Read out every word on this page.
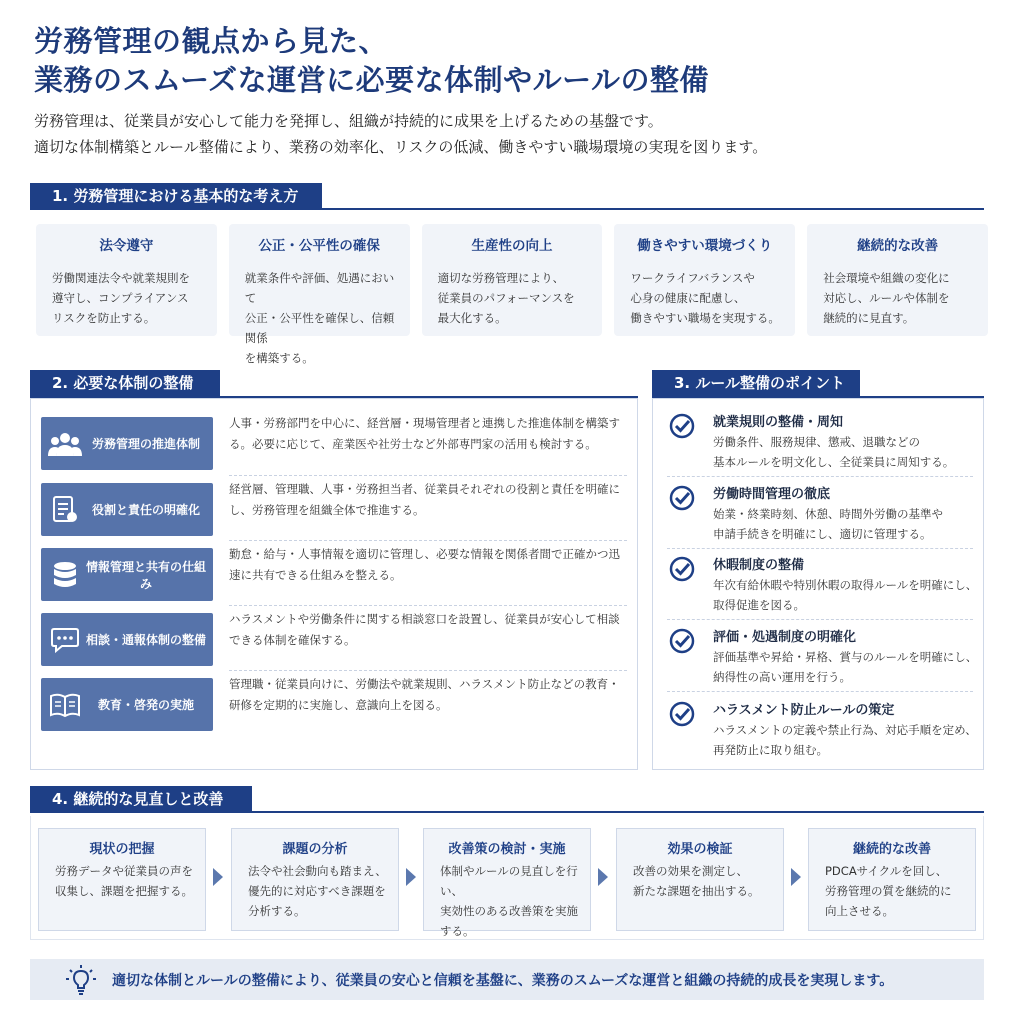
労務管理の観点から見た、
業務のスムーズな運営に必要な体制やルールの整備
労務管理は、従業員が安心して能力を発揮し、組織が持続的に成果を上げるための基盤です。
適切な体制構築とルール整備により、業務の効率化、リスクの低減、働きやすい職場環境の実現を図ります。
1. 労務管理における基本的な考え方
法令遵守
労働関連法令や就業規則を
遵守し、コンプライアンス
リスクを防止する。
公正・公平性の確保
就業条件や評価、処遇において
公正・公平性を確保し、信頼関係
を構築する。
生産性の向上
適切な労務管理により、
従業員のパフォーマンスを
最大化する。
働きやすい環境づくり
ワークライフバランスや
心身の健康に配慮し、
働きやすい職場を実現する。
継続的な改善
社会環境や組織の変化に
対応し、ルールや体制を
継続的に見直す。
2. 必要な体制の整備
労務管理の推進体制
人事・労務部門を中心に、経営層・現場管理者と連携した推進体制を構築する。必要に応じて、産業医や社労士など外部専門家の活用も検討する。
役割と責任の明確化
経営層、管理職、人事・労務担当者、従業員それぞれの役割と責任を明確にし、労務管理を組織全体で推進する。
情報管理と共有の仕組み
勤怠・給与・人事情報を適切に管理し、必要な情報を関係者間で正確かつ迅速に共有できる仕組みを整える。
相談・通報体制の整備
ハラスメントや労働条件に関する相談窓口を設置し、従業員が安心して相談できる体制を確保する。
教育・啓発の実施
管理職・従業員向けに、労働法や就業規則、ハラスメント防止などの教育・研修を定期的に実施し、意識向上を図る。
3. ルール整備のポイント
就業規則の整備・周知
労働条件、服務規律、懲戒、退職などの
基本ルールを明文化し、全従業員に周知する。
労働時間管理の徹底
始業・終業時刻、休憩、時間外労働の基準や
申請手続きを明確にし、適切に管理する。
休暇制度の整備
年次有給休暇や特別休暇の取得ルールを明確にし、
取得促進を図る。
評価・処遇制度の明確化
評価基準や昇給・昇格、賞与のルールを明確にし、
納得性の高い運用を行う。
ハラスメント防止ルールの策定
ハラスメントの定義や禁止行為、対応手順を定め、
再発防止に取り組む。
4. 継続的な見直しと改善
現状の把握
労務データや従業員の声を
収集し、課題を把握する。
課題の分析
法令や社会動向も踏まえ、
優先的に対応すべき課題を
分析する。
改善策の検討・実施
体制やルールの見直しを行い、
実効性のある改善策を実施
する。
効果の検証
改善の効果を測定し、
新たな課題を抽出する。
継続的な改善
PDCAサイクルを回し、
労務管理の質を継続的に
向上させる。
適切な体制とルールの整備により、従業員の安心と信頼を基盤に、業務のスムーズな運営と組織の持続的成長を実現します。
